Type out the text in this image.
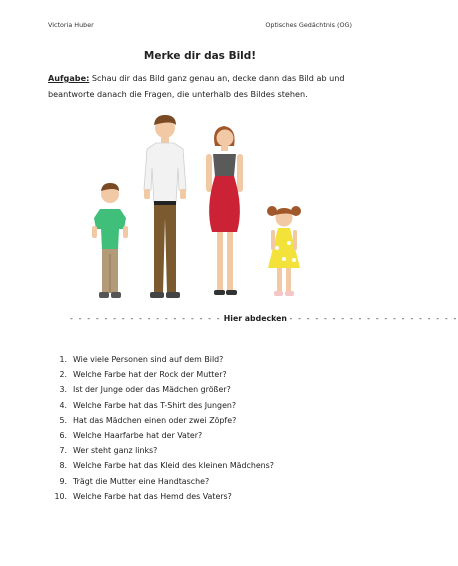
Victoria Huber	Optisches Gedächtnis (OG)
Merke dir das Bild!
Aufgabe: Schau dir das Bild ganz genau an, decke dann das Bild ab und beantworte danach die Fragen, die unterhalb des Bildes stehen.
- - - - - - - - - - - - - - - - - - Hier abdecken - - - - - - - - - - - - - - - - - - - -
1. Wie viele Personen sind auf dem Bild?
2. Welche Farbe hat der Rock der Mutter?
3. Ist der Junge oder das Mädchen größer?
4. Welche Farbe hat das T-Shirt des Jungen?
5. Hat das Mädchen einen oder zwei Zöpfe?
6. Welche Haarfarbe hat der Vater?
7. Wer steht ganz links?
8. Welche Farbe hat das Kleid des kleinen Mädchens?
9. Trägt die Mutter eine Handtasche?
10. Welche Farbe hat das Hemd des Vaters?
